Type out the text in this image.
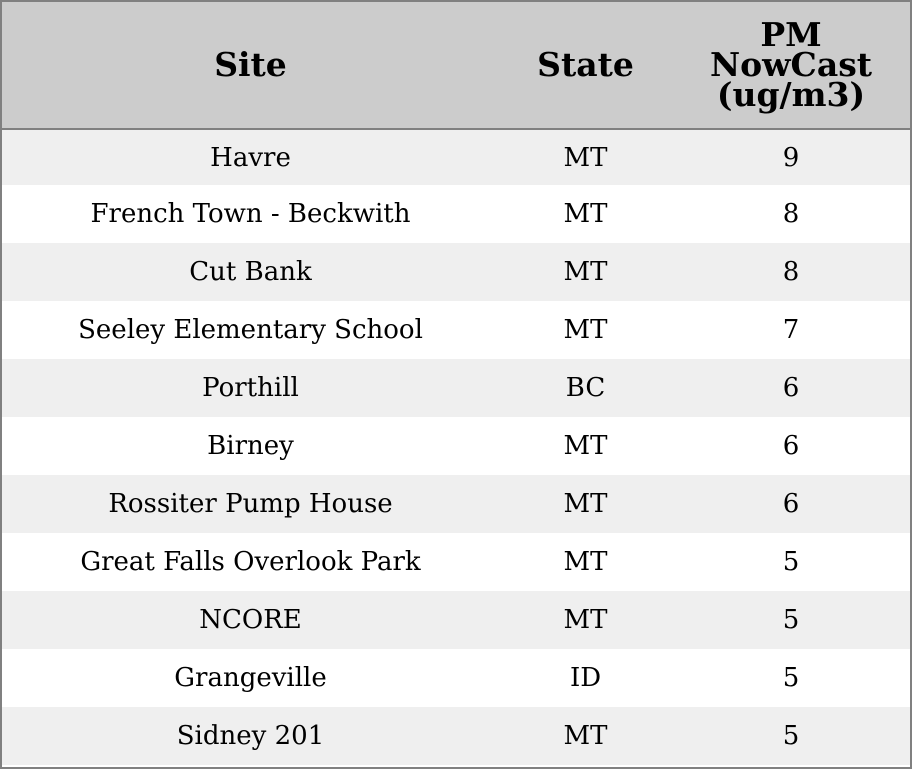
Site	State	PM NowCast (ug/m3)
Havre	MT	9
French Town - Beckwith	MT	8
Cut Bank	MT	8
Seeley Elementary School	MT	7
Porthill	BC	6
Birney	MT	6
Rossiter Pump House	MT	6
Great Falls Overlook Park	MT	5
NCORE	MT	5
Grangeville	ID	5
Sidney 201	MT	5
